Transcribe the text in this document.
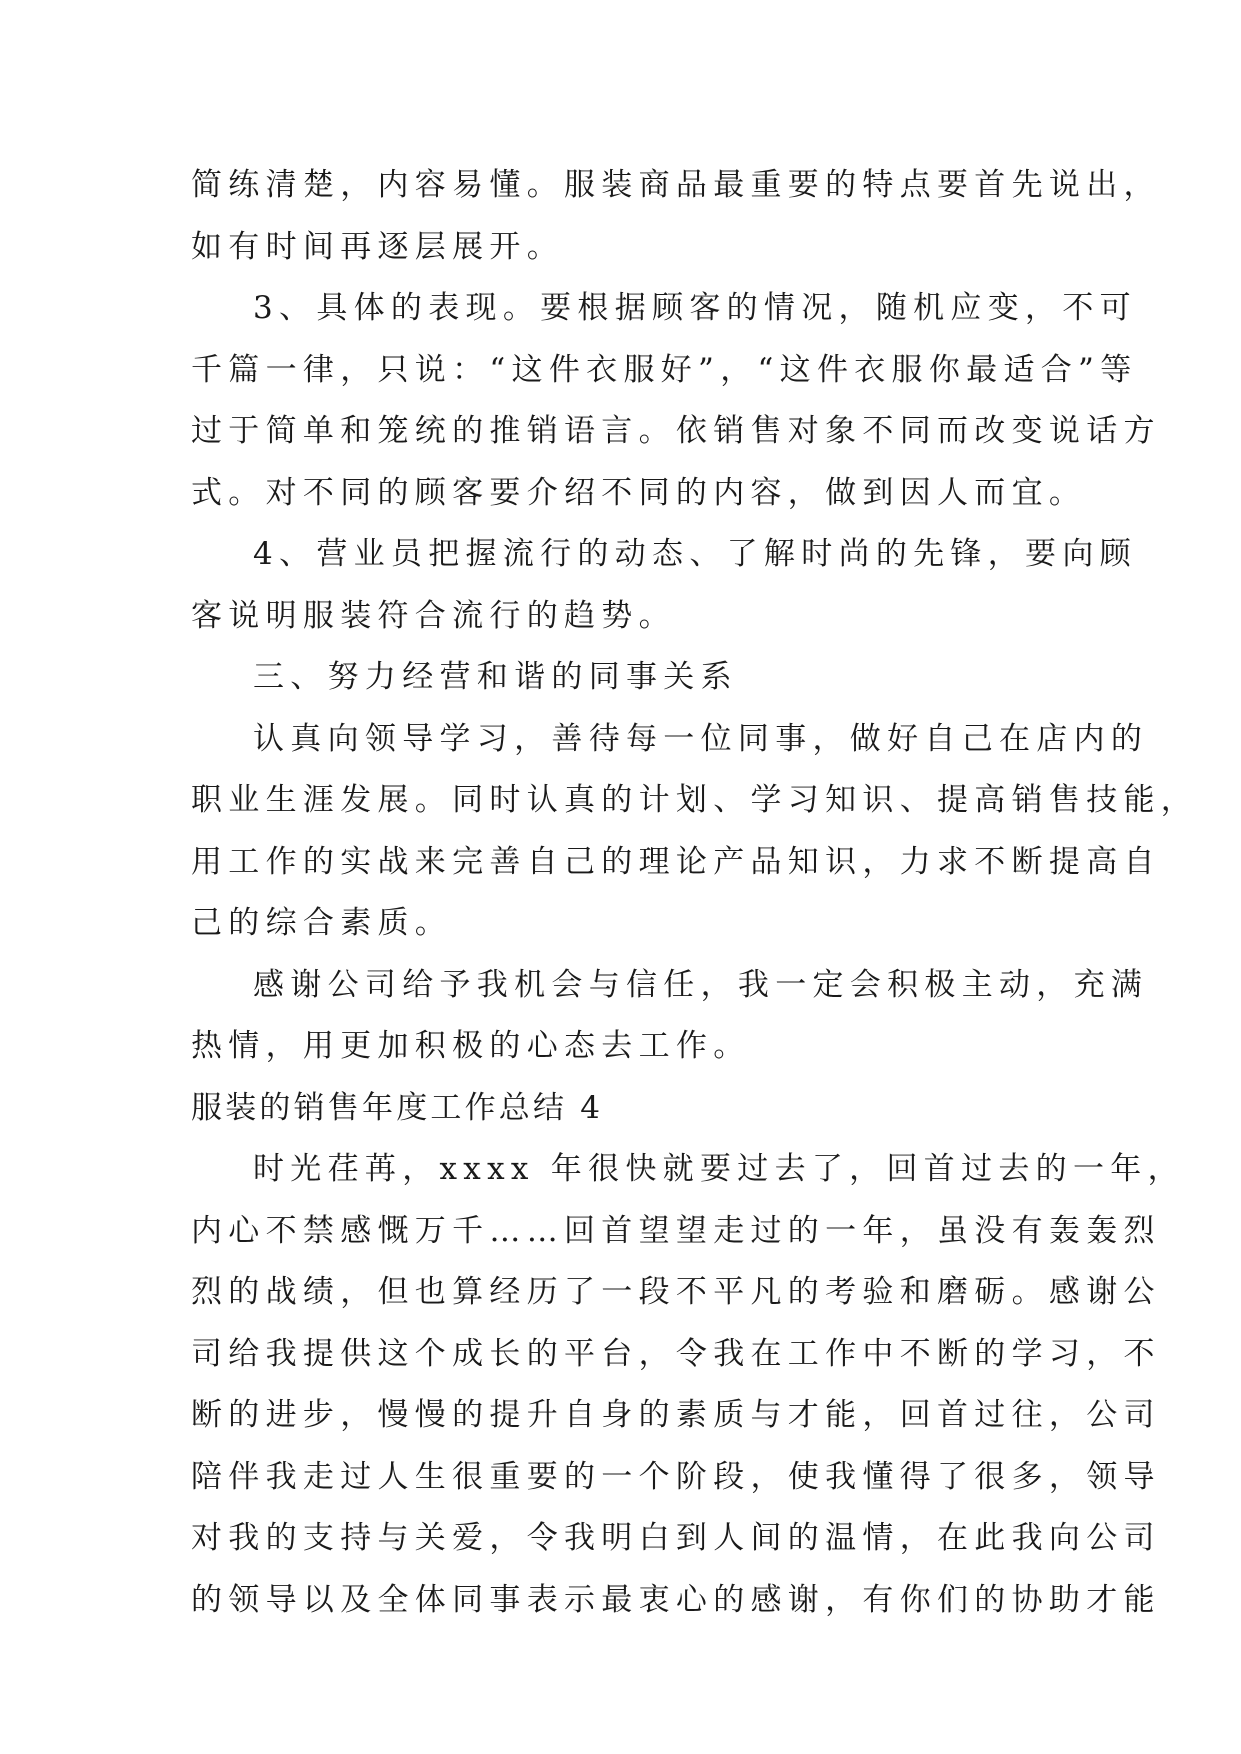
简练清楚，内容易懂。服装商品最重要的特点要首先说出，
如有时间再逐层展开。
3、具体的表现。要根据顾客的情况，随机应变，不可
千篇一律，只说：“这件衣服好”，“这件衣服你最适合”等
过于简单和笼统的推销语言。依销售对象不同而改变说话方
式。对不同的顾客要介绍不同的内容，做到因人而宜。
4、营业员把握流行的动态、了解时尚的先锋，要向顾
客说明服装符合流行的趋势。
三、努力经营和谐的同事关系
认真向领导学习，善待每一位同事，做好自己在店内的
职业生涯发展。同时认真的计划、学习知识、提高销售技能，
用工作的实战来完善自己的理论产品知识，力求不断提高自
己的综合素质。
感谢公司给予我机会与信任，我一定会积极主动，充满
热情，用更加积极的心态去工作。
服装的销售年度工作总结 4
时光荏苒，xxxx 年很快就要过去了，回首过去的一年，
内心不禁感慨万千……回首望望走过的一年，虽没有轰轰烈
烈的战绩，但也算经历了一段不平凡的考验和磨砺。感谢公
司给我提供这个成长的平台，令我在工作中不断的学习，不
断的进步，慢慢的提升自身的素质与才能，回首过往，公司
陪伴我走过人生很重要的一个阶段，使我懂得了很多，领导
对我的支持与关爱，令我明白到人间的温情，在此我向公司
的领导以及全体同事表示最衷心的感谢，有你们的协助才能
